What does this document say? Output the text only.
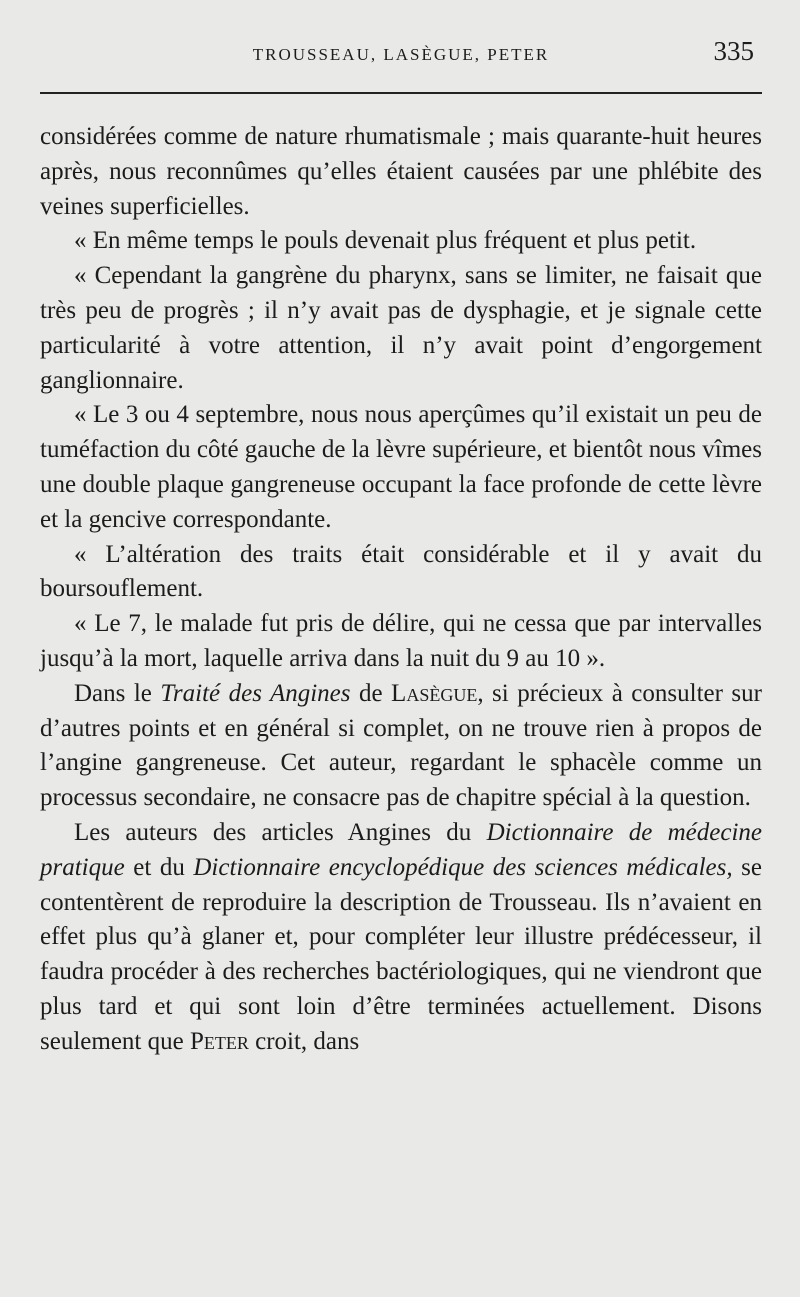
TROUSSEAU, LASÈGUE, PETER	335

considérées comme de nature rhumatismale ; mais quarante-huit heures après, nous reconnûmes qu’elles étaient causées par une phlébite des veines superficielles.

« En même temps le pouls devenait plus fréquent et plus petit.

« Cependant la gangrène du pharynx, sans se limiter, ne faisait que très peu de progrès ; il n’y avait pas de dysphagie, et je signale cette particularité à votre attention, il n’y avait point d’engorgement ganglionnaire.

« Le 3 ou 4 septembre, nous nous aperçûmes qu’il existait un peu de tuméfaction du côté gauche de la lèvre supérieure, et bientôt nous vîmes une double plaque gangreneuse occupant la face profonde de cette lèvre et la gencive correspondante.

« L’altération des traits était considérable et il y avait du boursouflement.

« Le 7, le malade fut pris de délire, qui ne cessa que par intervalles jusqu’à la mort, laquelle arriva dans la nuit du 9 au 10 ».

Dans le Traité des Angines de Lasègue, si précieux à consulter sur d’autres points et en général si complet, on ne trouve rien à propos de l’angine gangreneuse. Cet auteur, regardant le sphacèle comme un processus secondaire, ne consacre pas de chapitre spécial à la question.

Les auteurs des articles Angines du Dictionnaire de médecine pratique et du Dictionnaire encyclopédique des sciences médicales, se contentèrent de reproduire la description de Trousseau. Ils n’avaient en effet plus qu’à glaner et, pour compléter leur illustre prédécesseur, il faudra procéder à des recherches bactériologiques, qui ne viendront que plus tard et qui sont loin d’être terminées actuellement. Disons seulement que Peter croit, dans
